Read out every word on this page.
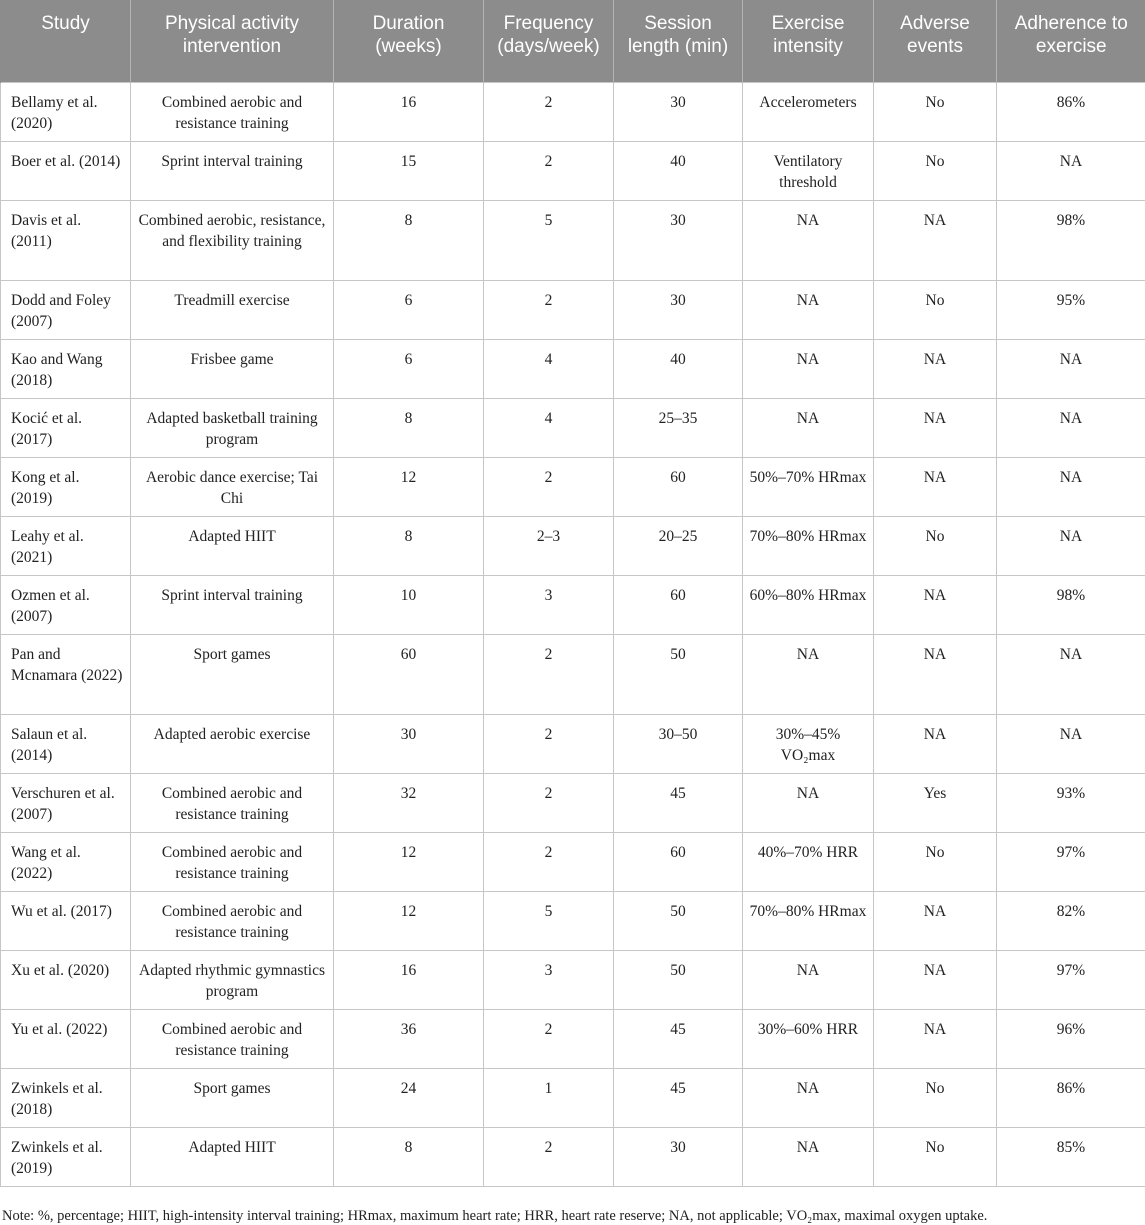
Study	Physical activity intervention	Duration (weeks)	Frequency (days/week)	Session length (min)	Exercise intensity	Adverse events	Adherence to exercise
Bellamy et al. (2020)	Combined aerobic and resistance training	16	2	30	Accelerometers	No	86%
Boer et al. (2014)	Sprint interval training	15	2	40	Ventilatory threshold	No	NA
Davis et al. (2011)	Combined aerobic, resistance, and flexibility training	8	5	30	NA	NA	98%
Dodd and Foley (2007)	Treadmill exercise	6	2	30	NA	No	95%
Kao and Wang (2018)	Frisbee game	6	4	40	NA	NA	NA
Kocić et al. (2017)	Adapted basketball training program	8	4	25–35	NA	NA	NA
Kong et al. (2019)	Aerobic dance exercise; Tai Chi	12	2	60	50%–70% HRmax	NA	NA
Leahy et al. (2021)	Adapted HIIT	8	2–3	20–25	70%–80% HRmax	No	NA
Ozmen et al. (2007)	Sprint interval training	10	3	60	60%–80% HRmax	NA	98%
Pan and Mcnamara (2022)	Sport games	60	2	50	NA	NA	NA
Salaun et al. (2014)	Adapted aerobic exercise	30	2	30–50	30%–45% VO₂max	NA	NA
Verschuren et al. (2007)	Combined aerobic and resistance training	32	2	45	NA	Yes	93%
Wang et al. (2022)	Combined aerobic and resistance training	12	2	60	40%–70% HRR	No	97%
Wu et al. (2017)	Combined aerobic and resistance training	12	5	50	70%–80% HRmax	NA	82%
Xu et al. (2020)	Adapted rhythmic gymnastics program	16	3	50	NA	NA	97%
Yu et al. (2022)	Combined aerobic and resistance training	36	2	45	30%–60% HRR	NA	96%
Zwinkels et al. (2018)	Sport games	24	1	45	NA	No	86%
Zwinkels et al. (2019)	Adapted HIIT	8	2	30	NA	No	85%
Note: %, percentage; HIIT, high-intensity interval training; HRmax, maximum heart rate; HRR, heart rate reserve; NA, not applicable; VO₂max, maximal oxygen uptake.
